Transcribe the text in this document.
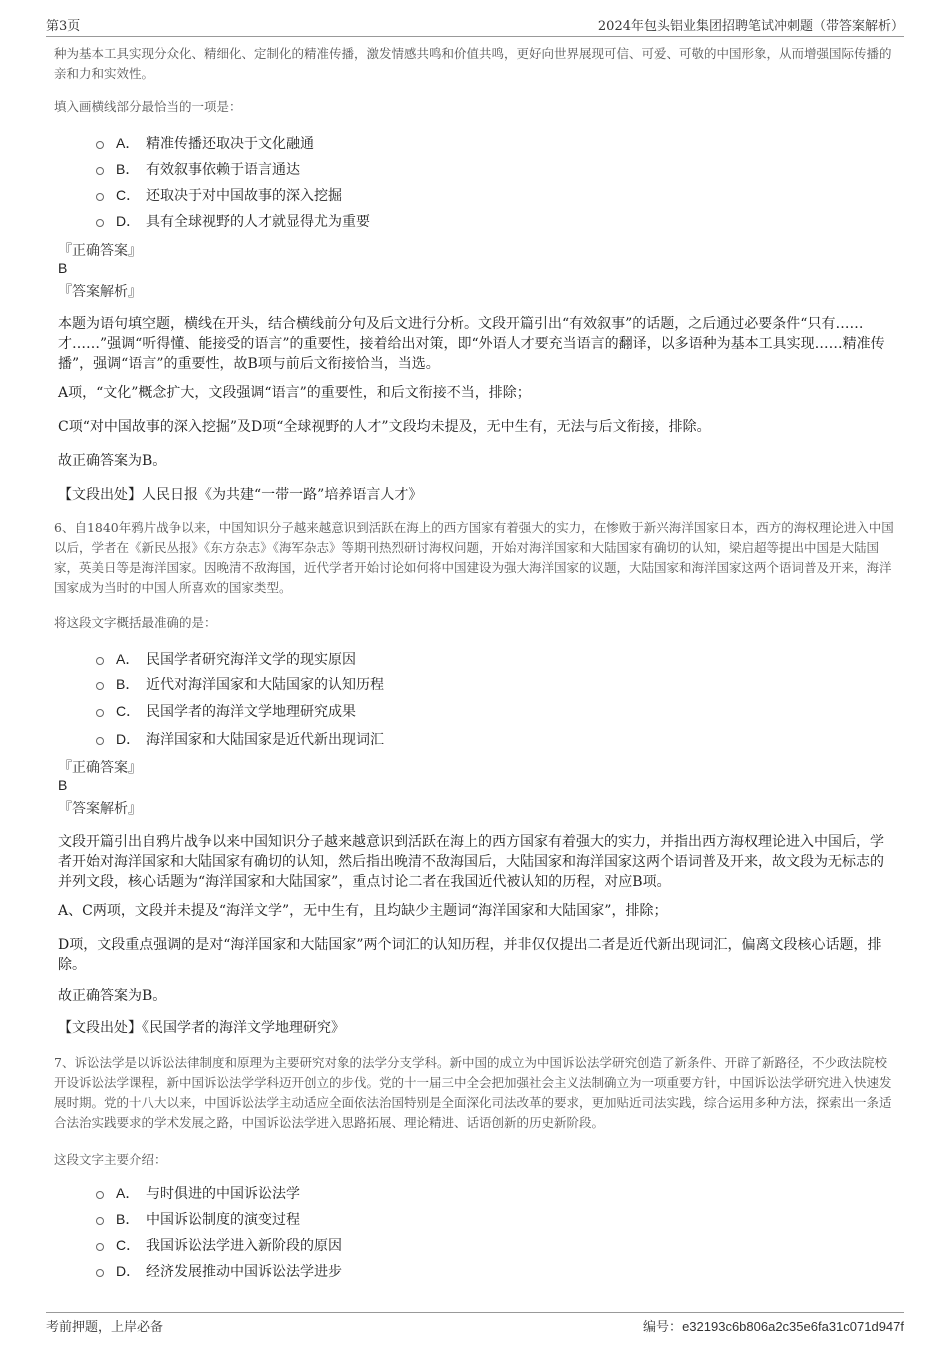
第3页	2024年包头铝业集团招聘笔试冲刺题（带答案解析）
种为基本工具实现分众化、精细化、定制化的精准传播，激发情感共鸣和价值共鸣，更好向世界展现可信、可爱、可敬的中国形象，从而增强国际传播的亲和力和实效性。
填入画横线部分最恰当的一项是：
A． 精准传播还取决于文化融通
B． 有效叙事依赖于语言通达
C． 还取决于对中国故事的深入挖掘
D． 具有全球视野的人才就显得尤为重要
『正确答案』
B
『答案解析』
本题为语句填空题，横线在开头，结合横线前分句及后文进行分析。文段开篇引出“有效叙事”的话题，之后通过必要条件“只有……才……”强调“听得懂、能接受的语言”的重要性，接着给出对策，即“外语人才要充当语言的翻译，以多语种为基本工具实现……精准传播”，强调“语言”的重要性，故B项与前后文衔接恰当，当选。
A项，“文化”概念扩大，文段强调“语言”的重要性，和后文衔接不当，排除；
C项“对中国故事的深入挖掘”及D项“全球视野的人才”文段均未提及，无中生有，无法与后文衔接，排除。
故正确答案为B。
【文段出处】人民日报《为共建“一带一路”培养语言人才》
6、自1840年鸦片战争以来，中国知识分子越来越意识到活跃在海上的西方国家有着强大的实力，在惨败于新兴海洋国家日本，西方的海权理论进入中国以后，学者在《新民丛报》《东方杂志》《海军杂志》等期刊热烈研讨海权问题，开始对海洋国家和大陆国家有确切的认知，梁启超等提出中国是大陆国家，英美日等是海洋国家。因晚清不敌海国，近代学者开始讨论如何将中国建设为强大海洋国家的议题，大陆国家和海洋国家这两个语词普及开来，海洋国家成为当时的中国人所喜欢的国家类型。
将这段文字概括最准确的是：
A． 民国学者研究海洋文学的现实原因
B． 近代对海洋国家和大陆国家的认知历程
C． 民国学者的海洋文学地理研究成果
D． 海洋国家和大陆国家是近代新出现词汇
『正确答案』
B
『答案解析』
文段开篇引出自鸦片战争以来中国知识分子越来越意识到活跃在海上的西方国家有着强大的实力，并指出西方海权理论进入中国后，学者开始对海洋国家和大陆国家有确切的认知，然后指出晚清不敌海国后，大陆国家和海洋国家这两个语词普及开来，故文段为无标志的并列文段，核心话题为“海洋国家和大陆国家”，重点讨论二者在我国近代被认知的历程，对应B项。
A、C两项，文段并未提及“海洋文学”，无中生有，且均缺少主题词“海洋国家和大陆国家”，排除；
D项，文段重点强调的是对“海洋国家和大陆国家”两个词汇的认知历程，并非仅仅提出二者是近代新出现词汇，偏离文段核心话题，排除。
故正确答案为B。
【文段出处】《民国学者的海洋文学地理研究》
7、诉讼法学是以诉讼法律制度和原理为主要研究对象的法学分支学科。新中国的成立为中国诉讼法学研究创造了新条件、开辟了新路径，不少政法院校开设诉讼法学课程，新中国诉讼法学学科迈开创立的步伐。党的十一届三中全会把加强社会主义法制确立为一项重要方针，中国诉讼法学研究进入快速发展时期。党的十八大以来，中国诉讼法学主动适应全面依法治国特别是全面深化司法改革的要求，更加贴近司法实践，综合运用多种方法，探索出一条适合法治实践要求的学术发展之路，中国诉讼法学进入思路拓展、理论精进、话语创新的历史新阶段。
这段文字主要介绍：
A． 与时俱进的中国诉讼法学
B． 中国诉讼制度的演变过程
C． 我国诉讼法学进入新阶段的原因
D． 经济发展推动中国诉讼法学进步
考前押题，上岸必备	编号：e32193c6b806a2c35e6fa31c071d947f
